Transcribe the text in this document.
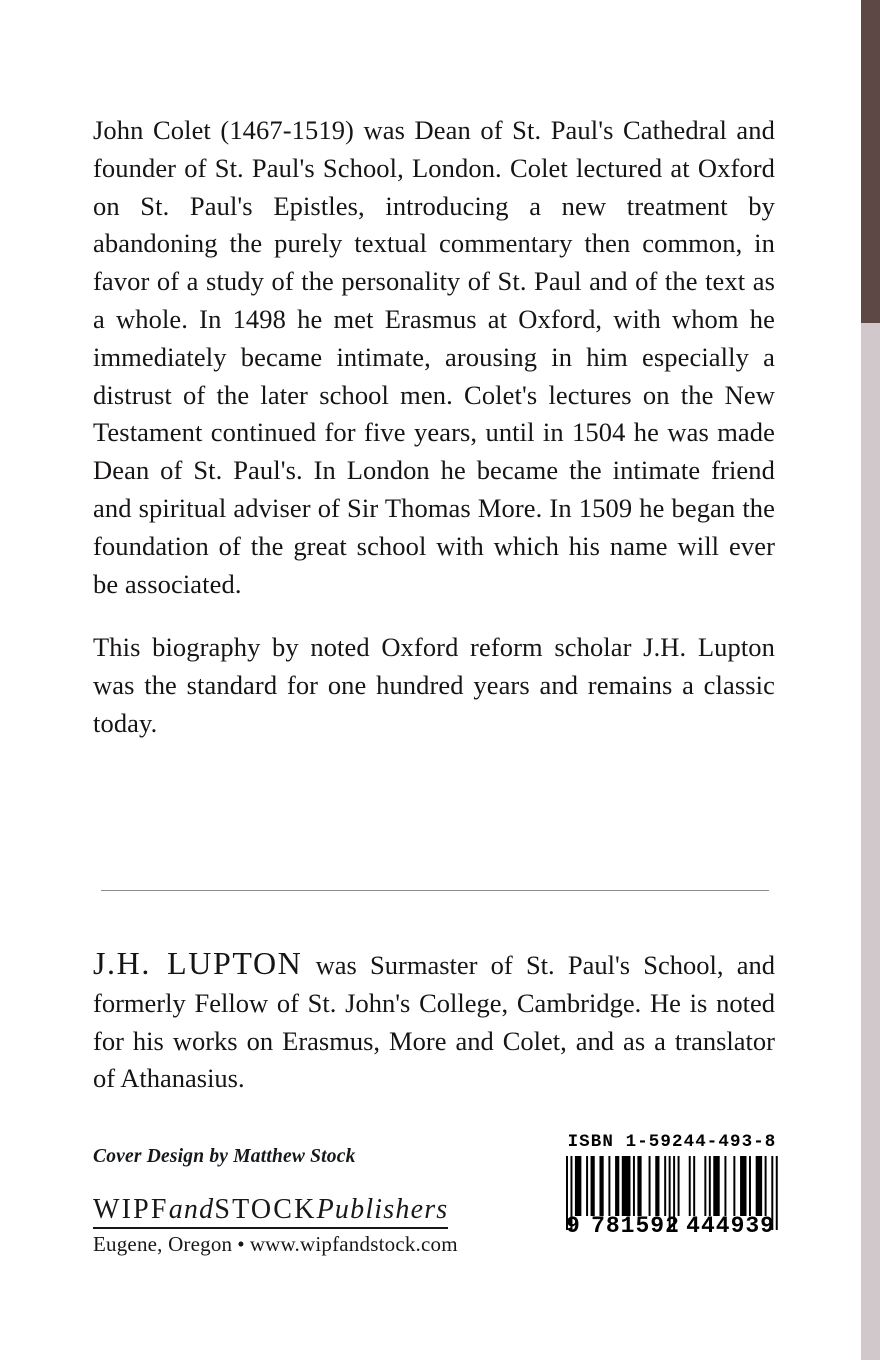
John Colet (1467-1519) was Dean of St. Paul's Cathedral and founder of St. Paul's School, London. Colet lectured at Oxford on St. Paul's Epistles, introducing a new treatment by abandoning the purely textual commentary then common, in favor of a study of the personality of St. Paul and of the text as a whole. In 1498 he met Erasmus at Oxford, with whom he immediately became intimate, arousing in him especially a distrust of the later school men. Colet's lectures on the New Testament continued for five years, until in 1504 he was made Dean of St. Paul's. In London he became the intimate friend and spiritual adviser of Sir Thomas More. In 1509 he began the foundation of the great school with which his name will ever be associated.

This biography by noted Oxford reform scholar J.H. Lupton was the standard for one hundred years and remains a classic today.

J.H. LUPTON was Surmaster of St. Paul's School, and formerly Fellow of St. John's College, Cambridge. He is noted for his works on Erasmus, More and Colet, and as a translator of Athanasius.

Cover Design by Matthew Stock

WIPFandSTOCKPublishers

Eugene, Oregon • www.wipfandstock.com

ISBN 1-59244-493-8

9 781592 444939
